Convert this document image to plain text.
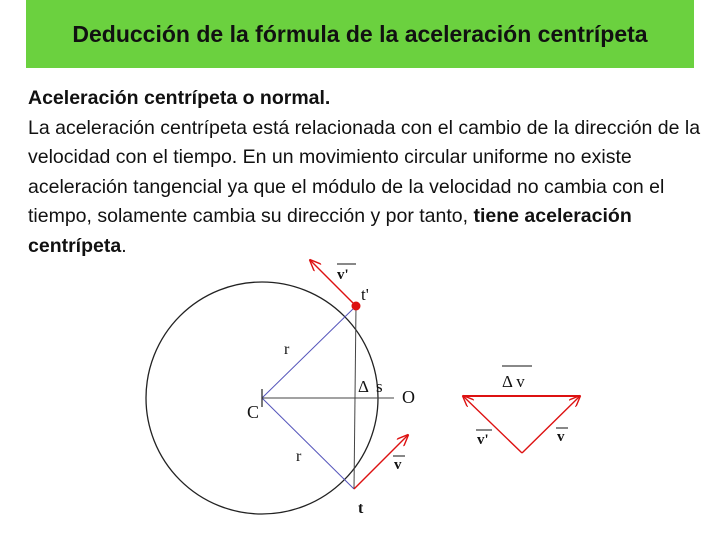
Deducción de la fórmula de la aceleración centrípeta
Aceleración centrípeta o normal.
La aceleración centrípeta está relacionada con el cambio de la dirección de la velocidad con el tiempo. En un movimiento circular uniforme no existe aceleración tangencial ya que el módulo de la velocidad no cambia con el tiempo, solamente cambia su dirección y por tanto, tiene aceleración centrípeta.
v'
t'
r
Δ s
O
C
r	v
t
Δ v
v'	v
